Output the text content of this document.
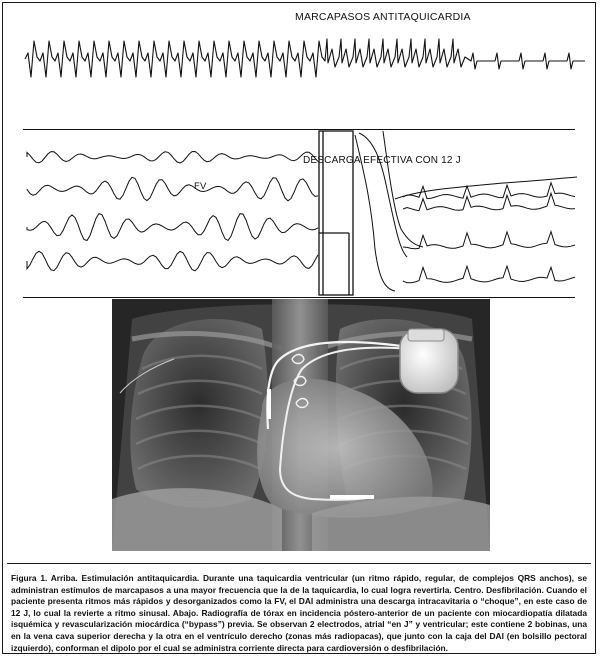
MARCAPASOS ANTITAQUICARDIA
DESCARGA EFECTIVA CON 12 J
FV

Figura 1. Arriba. Estimulación antitaquicardia. Durante una taquicardia ventricular (un ritmo rápido, regular, de complejos QRS anchos), se administran estímulos de marcapasos a una mayor frecuencia que la de la taquicardia, lo cual logra revertirla. Centro. Desfibrilación. Cuando el paciente presenta ritmos más rápidos y desorganizados como la FV, el DAI administra una descarga intracavitaria o “choque”, en este caso de 12 J, lo cual la revierte a ritmo sinusal. Abajo. Radiografía de tórax en incidencia póstero-anterior de un paciente con miocardiopatía dilatada isquémica y revascularización miocárdica (“bypass”) previa. Se observan 2 electrodos, atrial “en J” y ventricular; este contiene 2 bobinas, una en la vena cava superior derecha y la otra en el ventrículo derecho (zonas más radiopacas), que junto con la caja del DAI (en bolsillo pectoral izquierdo), conforman el dipolo por el cual se administra corriente directa para cardioversión o desfibrilación.
